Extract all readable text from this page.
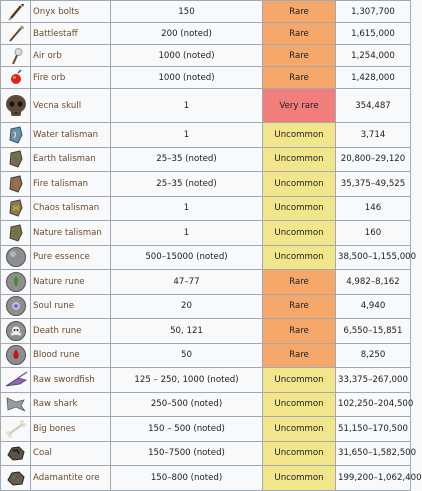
	Onyx bolts	150	Rare	1,307,700

	Battlestaff	200 (noted)	Rare	1,615,000

	Air orb	1000 (noted)	Rare	1,254,000

	Fire orb	1000 (noted)	Rare	1,428,000

	Vecna skull	1	Very rare	354,487

	Water talisman	1	Uncommon	3,714

	Earth talisman	25–35 (noted)	Uncommon	20,800–29,120

	Fire talisman	25–35 (noted)	Uncommon	35,375–49,525

	Chaos talisman	1	Uncommon	146

	Nature talisman	1	Uncommon	160

	Pure essence	500–15000 (noted)	Uncommon	38,500–1,155,000

	Nature rune	47–77	Rare	4,982–8,162

	Soul rune	20	Rare	4,940

	Death rune	50, 121	Rare	6,550–15,851

	Blood rune	50	Rare	8,250

	Raw swordfish	125 – 250, 1000 (noted)	Uncommon	33,375–267,000

	Raw shark	250–500 (noted)	Uncommon	102,250–204,500

	Big bones	150 – 500 (noted)	Uncommon	51,150–170,500

	Coal	150–7500 (noted)	Uncommon	31,650–1,582,500

	Adamantite ore	150–800 (noted)	Uncommon	199,200–1,062,400
